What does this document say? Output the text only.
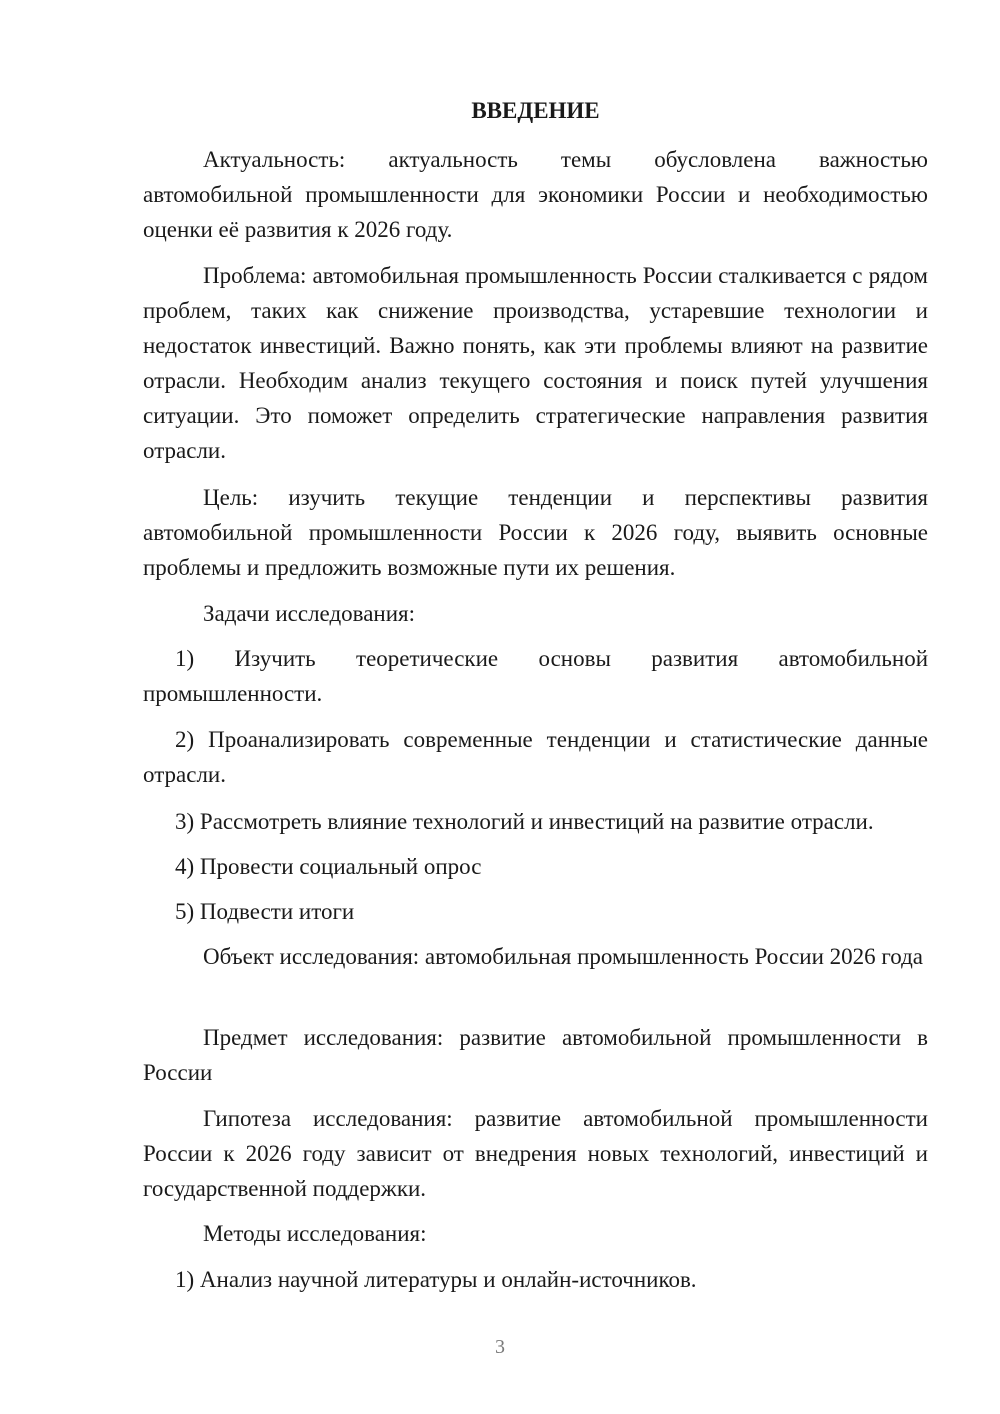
ВВЕДЕНИЕ

Актуальность: актуальность темы обусловлена важностью автомобильной промышленности для экономики России и необходимостью оценки её развития к 2026 году.

Проблема: автомобильная промышленность России сталкивается с рядом проблем, таких как снижение производства, устаревшие технологии и недостаток инвестиций. Важно понять, как эти проблемы влияют на развитие отрасли. Необходим анализ текущего состояния и поиск путей улучшения ситуации. Это поможет определить стратегические направления развития отрасли.

Цель: изучить текущие тенденции и перспективы развития автомобильной промышленности России к 2026 году, выявить основные проблемы и предложить возможные пути их решения.

Задачи исследования:

1) Изучить теоретические основы развития автомобильной промышленности.

2) Проанализировать современные тенденции и статистические данные отрасли.

3) Рассмотреть влияние технологий и инвестиций на развитие отрасли.

4) Провести социальный опрос

5) Подвести итоги

Объект исследования: автомобильная промышленность России 2026 года

Предмет исследования: развитие автомобильной промышленности в России

Гипотеза исследования: развитие автомобильной промышленности России к 2026 году зависит от внедрения новых технологий, инвестиций и государственной поддержки.

Методы исследования:

1) Анализ научной литературы и онлайн-источников.

3
